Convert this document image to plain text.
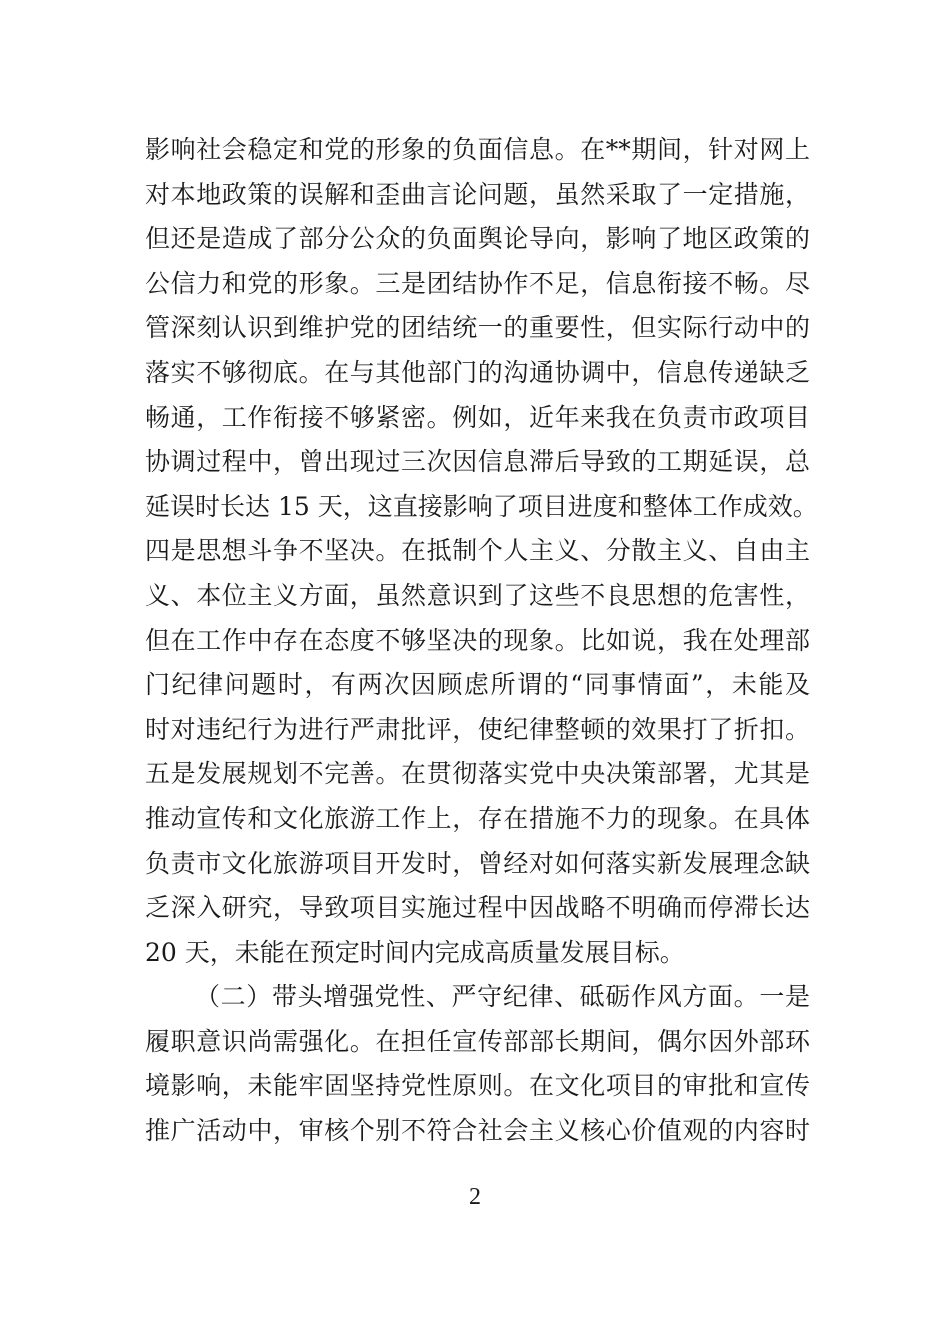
影响社会稳定和党的形象的负面信息。在**期间，针对网上
对本地政策的误解和歪曲言论问题，虽然采取了一定措施，
但还是造成了部分公众的负面舆论导向，影响了地区政策的
公信力和党的形象。三是团结协作不足，信息衔接不畅。尽
管深刻认识到维护党的团结统一的重要性，但实际行动中的
落实不够彻底。在与其他部门的沟通协调中，信息传递缺乏
畅通，工作衔接不够紧密。例如，近年来我在负责市政项目
协调过程中，曾出现过三次因信息滞后导致的工期延误，总
延误时长达 15 天，这直接影响了项目进度和整体工作成效。
四是思想斗争不坚决。在抵制个人主义、分散主义、自由主
义、本位主义方面，虽然意识到了这些不良思想的危害性，
但在工作中存在态度不够坚决的现象。比如说，我在处理部
门纪律问题时，有两次因顾虑所谓的“同事情面”，未能及
时对违纪行为进行严肃批评，使纪律整顿的效果打了折扣。
五是发展规划不完善。在贯彻落实党中央决策部署，尤其是
推动宣传和文化旅游工作上，存在措施不力的现象。在具体
负责市文化旅游项目开发时，曾经对如何落实新发展理念缺
乏深入研究，导致项目实施过程中因战略不明确而停滞长达
20 天，未能在预定时间内完成高质量发展目标。
（二）带头增强党性、严守纪律、砥砺作风方面。一是
履职意识尚需强化。在担任宣传部部长期间，偶尔因外部环
境影响，未能牢固坚持党性原则。在文化项目的审批和宣传
推广活动中，审核个别不符合社会主义核心价值观的内容时
2
